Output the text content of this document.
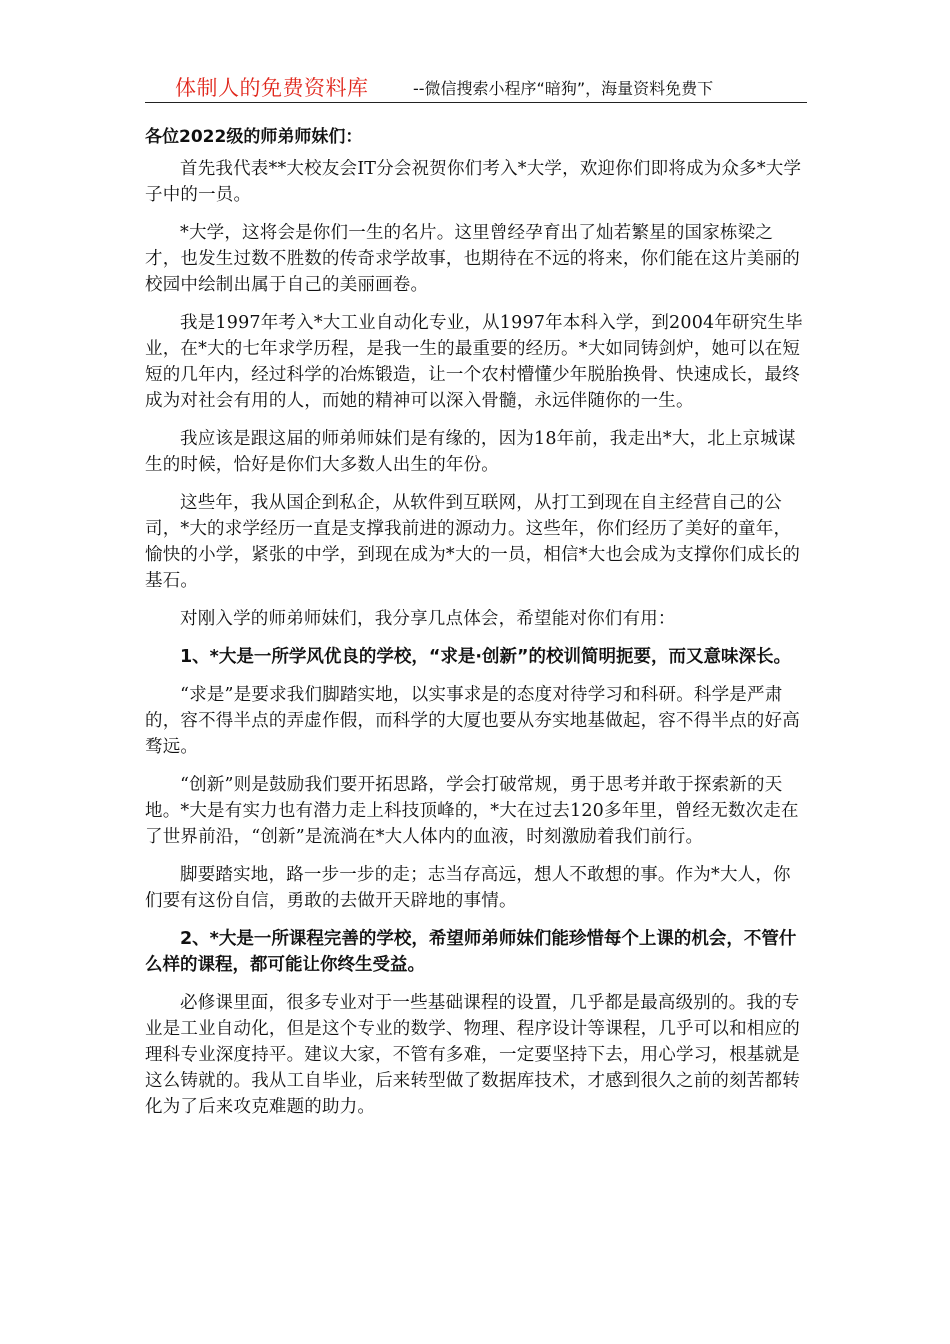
体制人的免费资料库	--微信搜索小程序“暗狗”，海量资料免费下
各位2022级的师弟师妹们：

首先我代表**大校友会IT分会祝贺你们考入*大学，欢迎你们即将成为众多*大学子中的一员。

*大学，这将会是你们一生的名片。这里曾经孕育出了灿若繁星的国家栋梁之才，也发生过数不胜数的传奇求学故事，也期待在不远的将来，你们能在这片美丽的校园中绘制出属于自己的美丽画卷。

我是1997年考入*大工业自动化专业，从1997年本科入学，到2004年研究生毕业，在*大的七年求学历程，是我一生的最重要的经历。*大如同铸剑炉，她可以在短短的几年内，经过科学的冶炼锻造，让一个农村懵懂少年脱胎换骨、快速成长，最终成为对社会有用的人，而她的精神可以深入骨髓，永远伴随你的一生。

我应该是跟这届的师弟师妹们是有缘的，因为18年前，我走出*大，北上京城谋生的时候，恰好是你们大多数人出生的年份。

这些年，我从国企到私企，从软件到互联网，从打工到现在自主经营自己的公司，*大的求学经历一直是支撑我前进的源动力。这些年，你们经历了美好的童年，愉快的小学，紧张的中学，到现在成为*大的一员，相信*大也会成为支撑你们成长的基石。

对刚入学的师弟师妹们，我分享几点体会，希望能对你们有用：

1、*大是一所学风优良的学校，“求是·创新”的校训简明扼要，而又意味深长。

“求是”是要求我们脚踏实地，以实事求是的态度对待学习和科研。科学是严肃的，容不得半点的弄虚作假，而科学的大厦也要从夯实地基做起，容不得半点的好高骛远。

“创新”则是鼓励我们要开拓思路，学会打破常规，勇于思考并敢于探索新的天地。*大是有实力也有潜力走上科技顶峰的，*大在过去120多年里，曾经无数次走在了世界前沿，“创新”是流淌在*大人体内的血液，时刻激励着我们前行。

脚要踏实地，路一步一步的走；志当存高远，想人不敢想的事。作为*大人，你们要有这份自信，勇敢的去做开天辟地的事情。

2、*大是一所课程完善的学校，希望师弟师妹们能珍惜每个上课的机会，不管什么样的课程，都可能让你终生受益。

必修课里面，很多专业对于一些基础课程的设置，几乎都是最高级别的。我的专业是工业自动化，但是这个专业的数学、物理、程序设计等课程，几乎可以和相应的理科专业深度持平。建议大家，不管有多难，一定要坚持下去，用心学习，根基就是这么铸就的。我从工自毕业，后来转型做了数据库技术，才感到很久之前的刻苦都转化为了后来攻克难题的助力。
